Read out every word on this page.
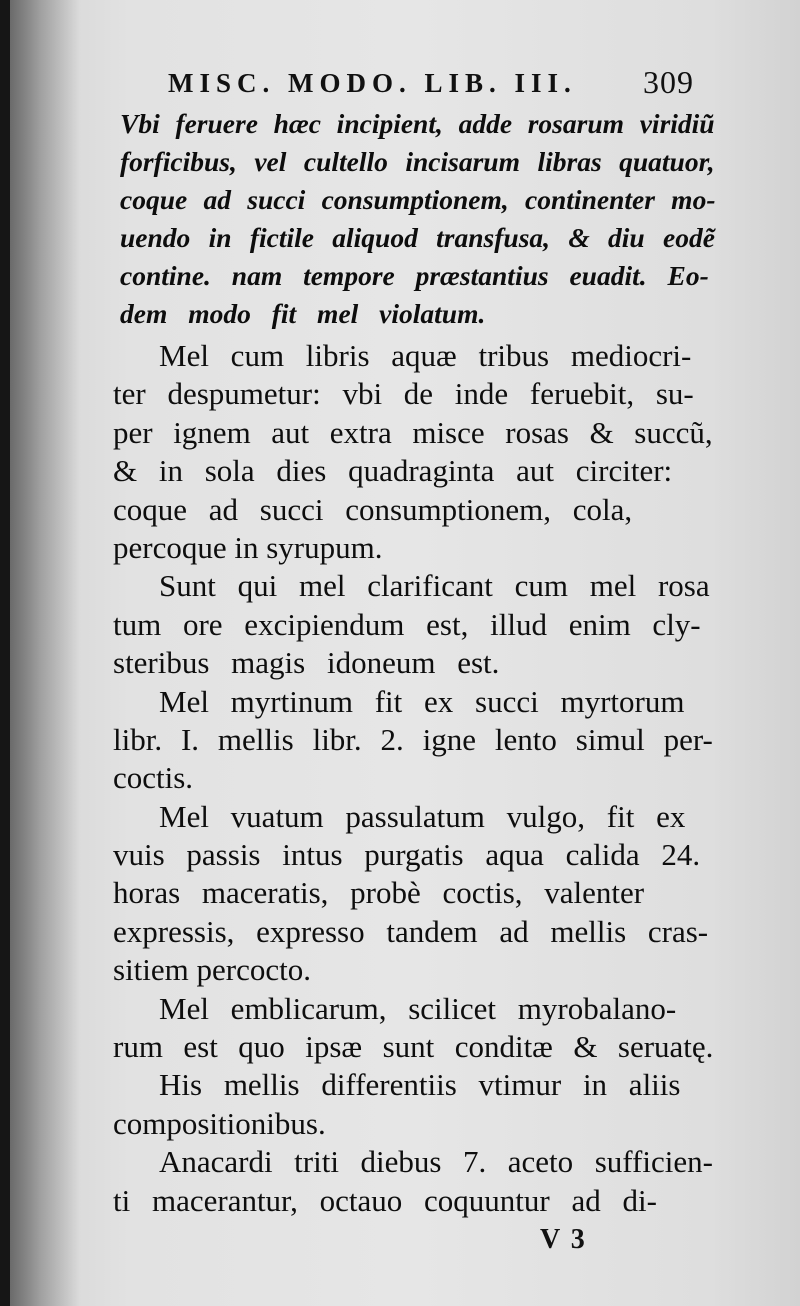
MISC. MODO. LIB. III. 309
Vbi feruere hæc incipient, adde rosarum viridiũ
forficibus, vel cultello incisarum libras quatuor,
coque ad succi consumptionem, continenter mo-
uendo in fictile aliquod transfusa, & diu eodẽ
contine. nam tempore præstantius euadit. Eo-
dem modo fit mel violatum.
Mel cum libris aquæ tribus mediocri-
ter despumetur: vbi de inde feruebit, su-
per ignem aut extra misce rosas & succũ,
& in sola dies quadraginta aut circiter:
coque ad succi consumptionem, cola,
percoque in syrupum.
Sunt qui mel clarificant cum mel rosa
tum ore excipiendum est, illud enim cly-
steribus magis idoneum est.
Mel myrtinum fit ex succi myrtorum
libr. I. mellis libr. 2. igne lento simul per-
coctis.
Mel vuatum passulatum vulgo, fit ex
vuis passis intus purgatis aqua calida 24.
horas maceratis, probè coctis, valenter
expressis, expresso tandem ad mellis cras-
sitiem percocto.
Mel emblicarum, scilicet myrobalano-
rum est quo ipsæ sunt conditæ & seruatę.
His mellis differentiis vtimur in aliis
compositionibus.
Anacardi triti diebus 7. aceto sufficien-
ti macerantur, octauo coquuntur ad di-
V 3
